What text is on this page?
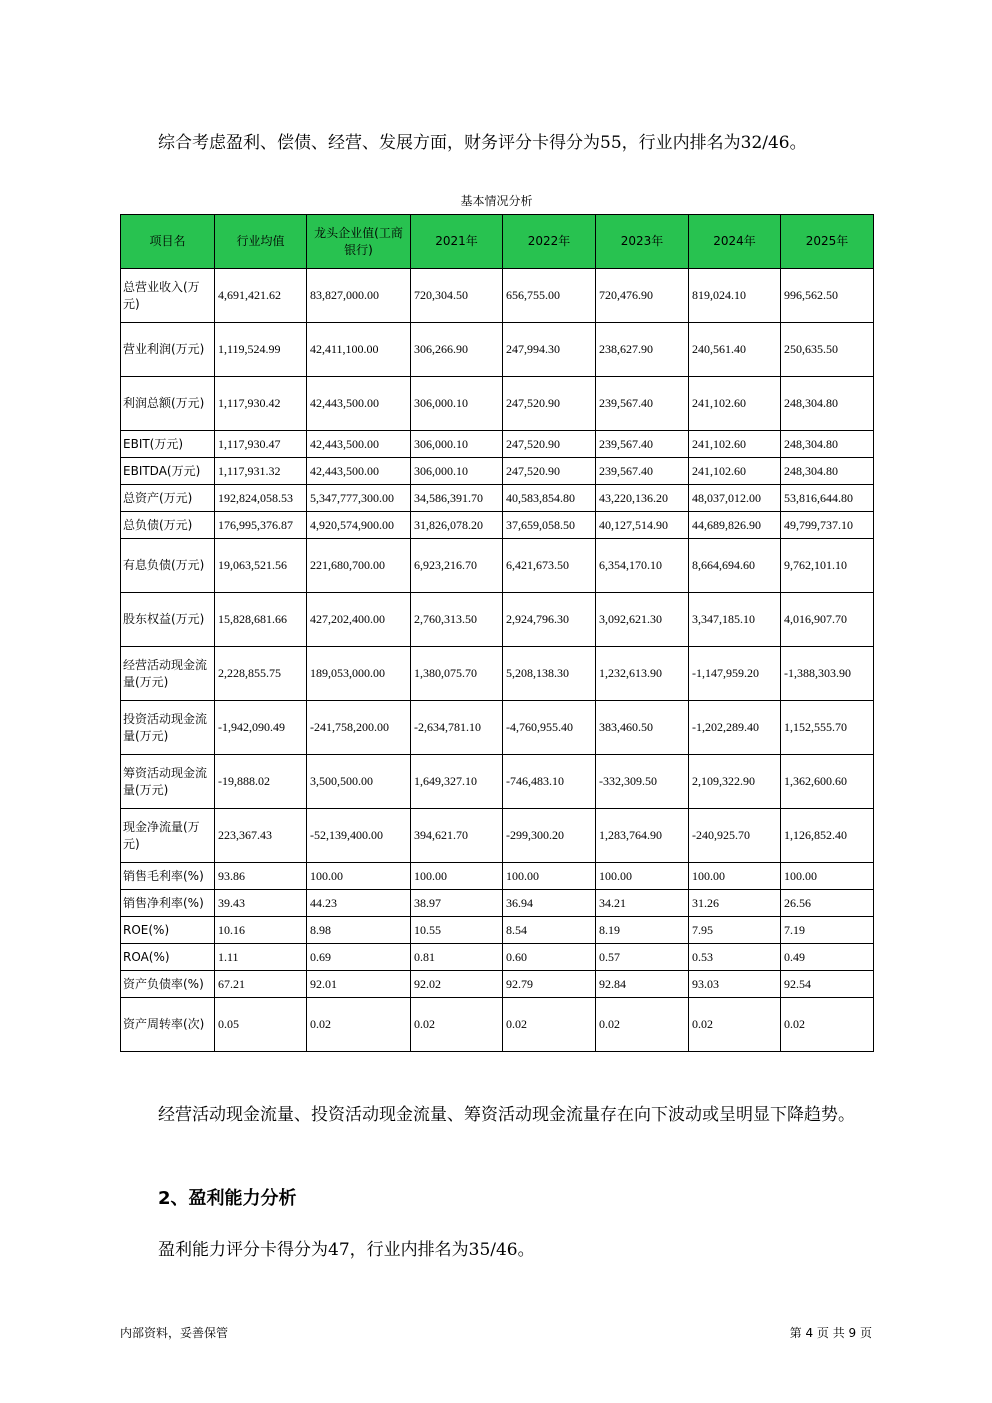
综合考虑盈利、偿债、经营、发展方面，财务评分卡得分为55，行业内排名为32/46。

基本情况分析
项目名	行业均值	龙头企业值(工商银行)	2021年	2022年	2023年	2024年	2025年
总营业收入(万元)	4,691,421.62	83,827,000.00	720,304.50	656,755.00	720,476.90	819,024.10	996,562.50
营业利润(万元)	1,119,524.99	42,411,100.00	306,266.90	247,994.30	238,627.90	240,561.40	250,635.50
利润总额(万元)	1,117,930.42	42,443,500.00	306,000.10	247,520.90	239,567.40	241,102.60	248,304.80
EBIT(万元)	1,117,930.47	42,443,500.00	306,000.10	247,520.90	239,567.40	241,102.60	248,304.80
EBITDA(万元)	1,117,931.32	42,443,500.00	306,000.10	247,520.90	239,567.40	241,102.60	248,304.80
总资产(万元)	192,824,058.53	5,347,777,300.00	34,586,391.70	40,583,854.80	43,220,136.20	48,037,012.00	53,816,644.80
总负债(万元)	176,995,376.87	4,920,574,900.00	31,826,078.20	37,659,058.50	40,127,514.90	44,689,826.90	49,799,737.10
有息负债(万元)	19,063,521.56	221,680,700.00	6,923,216.70	6,421,673.50	6,354,170.10	8,664,694.60	9,762,101.10
股东权益(万元)	15,828,681.66	427,202,400.00	2,760,313.50	2,924,796.30	3,092,621.30	3,347,185.10	4,016,907.70
经营活动现金流量(万元)	2,228,855.75	189,053,000.00	1,380,075.70	5,208,138.30	1,232,613.90	-1,147,959.20	-1,388,303.90
投资活动现金流量(万元)	-1,942,090.49	-241,758,200.00	-2,634,781.10	-4,760,955.40	383,460.50	-1,202,289.40	1,152,555.70
筹资活动现金流量(万元)	-19,888.02	3,500,500.00	1,649,327.10	-746,483.10	-332,309.50	2,109,322.90	1,362,600.60
现金净流量(万元)	223,367.43	-52,139,400.00	394,621.70	-299,300.20	1,283,764.90	-240,925.70	1,126,852.40
销售毛利率(%)	93.86	100.00	100.00	100.00	100.00	100.00	100.00
销售净利率(%)	39.43	44.23	38.97	36.94	34.21	31.26	26.56
ROE(%)	10.16	8.98	10.55	8.54	8.19	7.95	7.19
ROA(%)	1.11	0.69	0.81	0.60	0.57	0.53	0.49
资产负债率(%)	67.21	92.01	92.02	92.79	92.84	93.03	92.54
资产周转率(次)	0.05	0.02	0.02	0.02	0.02	0.02	0.02

经营活动现金流量、投资活动现金流量、筹资活动现金流量存在向下波动或呈明显下降趋势。

2、盈利能力分析

盈利能力评分卡得分为47，行业内排名为35/46。

内部资料，妥善保管	第 4 页 共 9 页
